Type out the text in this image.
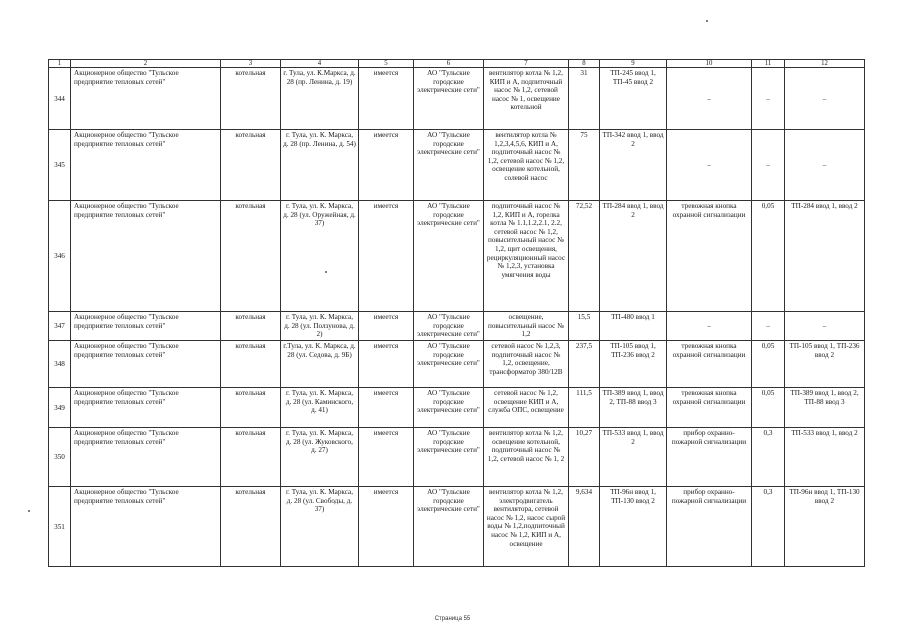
1	2	3	4	5	6	7	8	9	10	11	12
344	Акционерное общество "Тульское предприятие тепловых сетей"	котельная	г. Тула, ул. К.Маркса, д. 28 (пр. Ленина, д. 19)	имеется	АО "Тульские городские электрические сети"	вентилятор котла № 1,2, КИП и А, подпиточный насос № 1,2, сетевой насос № 1, освещение котельной	31	ТП-245 ввод 1, ТП-45 ввод 2	–	–	–
345	Акционерное общество "Тульское предприятие тепловых сетей"	котельная	г. Тула, ул. К. Маркса, д. 28 (пр. Ленина, д. 54)	имеется	АО "Тульские городские электрические сети"	вентилятор котла № 1,2,3,4,5,6, КИП и А, подпиточный насос № 1,2, сетевой насос № 1,2, освещение котельной, солевой насос	75	ТП-342 ввод 1, ввод 2	–	–	–
346	Акционерное общество "Тульское предприятие тепловых сетей"	котельная	г. Тула, ул. К. Маркса, д. 28 (ул. Оружейная, д. 37)	имеется	АО "Тульские городские электрические сети"	подпиточный насос № 1,2, КИП и А, горелка котла № 1.1,1.2,2.1, 2.2, сетевой насос № 1,2, повысительный насос № 1,2, щит освещения, рециркуляционный насос № 1,2,3, установка умягчения воды	72,52	ТП-284 ввод 1, ввод 2	тревожная кнопка охранной сигнализации	0,05	ТП-284 ввод 1, ввод 2
347	Акционерное общество "Тульское предприятие тепловых сетей"	котельная	г. Тула, ул. К. Маркса, д. 28 (ул. Ползунова, д. 2)	имеется	АО "Тульские городские электрические сети"	освещение, повысительный насос № 1,2	15,5	ТП-480 ввод 1	–	–	–
348	Акционерное общество "Тульское предприятие тепловых сетей"	котельная	г.Тула, ул. К. Маркса, д. 28 (ул. Седова, д. 9Б)	имеется	АО "Тульские городские электрические сети"	сетевой насос № 1,2,3, подпиточный насос № 1,2, освещение, трансформатор 380/12В	237,5	ТП-105 ввод 1, ТП-236 ввод 2	тревожная кнопка охранной сигнализации	0,05	ТП-105 ввод 1, ТП-236 ввод 2
349	Акционерное общество "Тульское предприятие тепловых сетей"	котельная	г. Тула, ул. К. Маркса, д. 28 (ул. Каминского, д. 41)	имеется	АО "Тульские городские электрические сети"	сетевой насос № 1,2, освещение КИП и А, служба ОПС, освещение	111,5	ТП-389 ввод 1, ввод 2, ТП-88 ввод 3	тревожная кнопка охранной сигнализации	0,05	ТП-389 ввод 1, ввод 2, ТП-88 ввод 3
350	Акционерное общество "Тульское предприятие тепловых сетей"	котельная	г. Тула, ул. К. Маркса, д. 28 (ул. Жуковского, д. 27)	имеется	АО "Тульские городские электрические сети"	вентилятор котла № 1,2, освещение котельной, подпиточный насос № 1,2, сетевой насос № 1, 2	10,27	ТП-533 ввод 1, ввод 2	прибор охранно-пожарной сигнализации	0,3	ТП-533 ввод 1, ввод 2
351	Акционерное общество "Тульское предприятие тепловых сетей"	котельная	г. Тула, ул. К. Маркса, д. 28 (ул. Свободы, д. 37)	имеется	АО "Тульские городские электрические сети"	вентилятор котла № 1,2, электродвигатель вентилятора, сетевой насос № 1,2, насос сырой воды № 1,2,подпиточный насос № 1,2, КИП и А, освещение	9,634	ТП-96н ввод 1, ТП-130 ввод 2	прибор охранно-пожарной сигнализации	0,3	ТП-96н ввод 1, ТП-130 ввод 2
Страница 55
